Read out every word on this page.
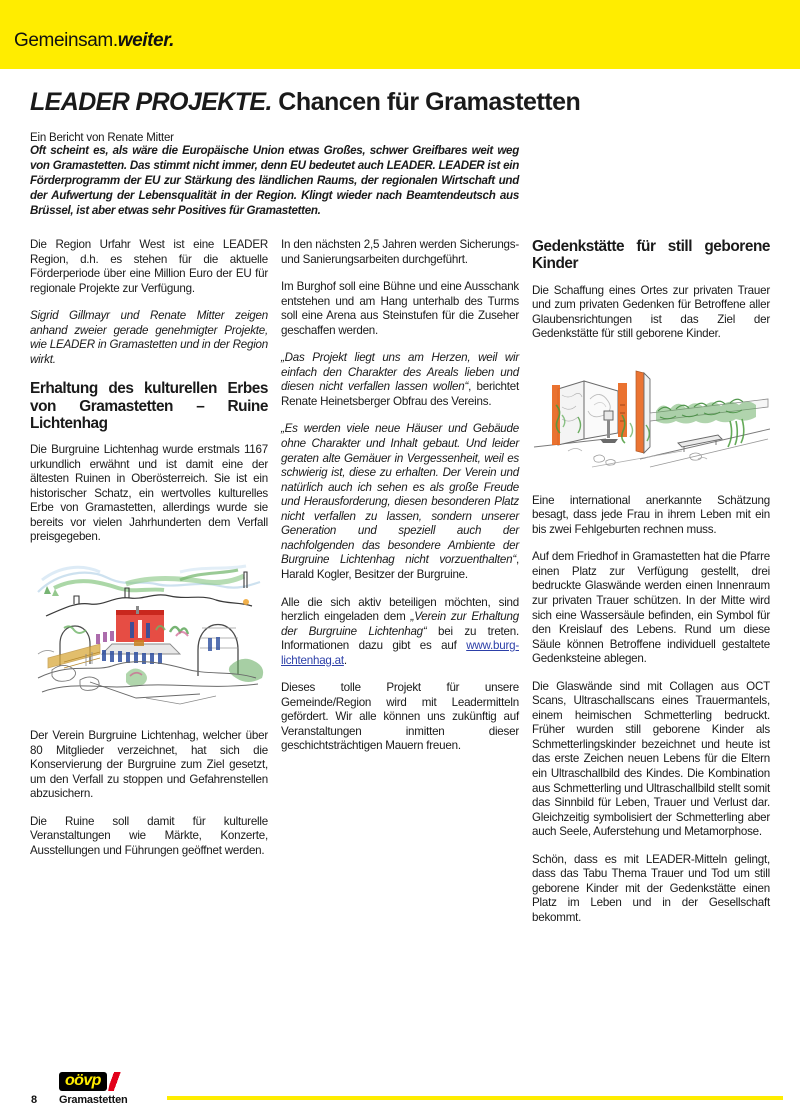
Gemeinsam.weiter.
LEADER PROJEKTE. Chancen für Gramastetten
Ein Bericht von Renate Mitter

Oft scheint es, als wäre die Europäische Union etwas Großes, schwer Greifbares weit weg von Gramastetten. Das stimmt nicht immer, denn EU bedeutet auch LEADER. LEADER ist ein Förderprogramm der EU zur Stärkung des ländlichen Raums, der regionalen Wirtschaft und der Aufwertung der Lebensqualität in der Region. Klingt wieder nach Beamtendeutsch aus Brüssel, ist aber etwas sehr Positives für Gramastetten.

Die Region Urfahr West ist eine LEADER Region, d.h. es stehen für die aktuelle Förderperiode über eine Million Euro der EU für regionale Projekte zur Verfügung.

Sigrid Gillmayr und Renate Mitter zeigen anhand zweier gerade genehmigter Projekte, wie LEADER in Gramastetten und in der Region wirkt.

Erhaltung des kulturellen Erbes von Gramastetten – Ruine Lichtenhag

Die Burgruine Lichtenhag wurde erstmals 1167 urkundlich erwähnt und ist damit eine der ältesten Ruinen in Oberösterreich. Sie ist ein historischer Schatz, ein wertvolles kulturelles Erbe von Gramastetten, allerdings wurde sie bereits vor vielen Jahrhunderten dem Verfall preisgegeben.

Der Verein Burgruine Lichtenhag, welcher über 80 Mitglieder verzeichnet, hat sich die Konservierung der Burgruine zum Ziel gesetzt, um den Verfall zu stoppen und Gefahrenstellen abzusichern.

Die Ruine soll damit für kulturelle Veranstaltungen wie Märkte, Konzerte, Ausstellungen und Führungen geöffnet werden.

In den nächsten 2,5 Jahren werden Sicherungs- und Sanierungsarbeiten durchgeführt.

Im Burghof soll eine Bühne und eine Ausschank entstehen und am Hang unterhalb des Turms soll eine Arena aus Steinstufen für die Zuseher geschaffen werden.

„Das Projekt liegt uns am Herzen, weil wir einfach den Charakter des Areals lieben und diesen nicht verfallen lassen wollen“, berichtet Renate Heinetsberger Obfrau des Vereins.

„Es werden viele neue Häuser und Gebäude ohne Charakter und Inhalt gebaut. Und leider geraten alte Gemäuer in Vergessenheit, weil es schwierig ist, diese zu erhalten. Der Verein und natürlich auch ich sehen es als große Freude und Herausforderung, diesen besonderen Platz nicht verfallen zu lassen, sondern unserer Generation und speziell auch der nachfolgenden das besondere Ambiente der Burgruine Lichtenhag nicht vorzuenthalten“, Harald Kogler, Besitzer der Burgruine.

Alle die sich aktiv beteiligen möchten, sind herzlich eingeladen dem „Verein zur Erhaltung der Burgruine Lichtenhag“ bei zu treten. Informationen dazu gibt es auf www.burg-lichtenhag.at.

Dieses tolle Projekt für unsere Gemeinde/Region wird mit Leadermitteln gefördert. Wir alle können uns zukünftig auf Veranstaltungen inmitten dieser geschichtsträchtigen Mauern freuen.

Gedenkstätte für still geborene Kinder

Die Schaffung eines Ortes zur privaten Trauer und zum privaten Gedenken für Betroffene aller Glaubensrichtungen ist das Ziel der Gedenkstätte für still geborene Kinder.

Eine international anerkannte Schätzung besagt, dass jede Frau in ihrem Leben mit ein bis zwei Fehlgeburten rechnen muss.

Auf dem Friedhof in Gramastetten hat die Pfarre einen Platz zur Verfügung gestellt, drei bedruckte Glaswände werden einen Innenraum zur privaten Trauer schützen. In der Mitte wird sich eine Wassersäule befinden, ein Symbol für den Kreislauf des Lebens. Rund um diese Säule können Betroffene individuell gestaltete Gedenksteine ablegen.

Die Glaswände sind mit Collagen aus OCT Scans, Ultraschallscans eines Trauermantels, einem heimischen Schmetterling bedruckt. Früher wurden still geborene Kinder als Schmetterlingskinder bezeichnet und heute ist das erste Zeichen neuen Lebens für die Eltern ein Ultraschallbild des Kindes. Die Kombination aus Schmetterling und Ultraschallbild stellt somit das Sinnbild für Leben, Trauer und Verlust dar. Gleichzeitig symbolisiert der Schmetterling aber auch Seele, Auferstehung und Metamorphose.

Schön, dass es mit LEADER-Mitteln gelingt, dass das Tabu Thema Trauer und Tod um still geborene Kinder mit der Gedenkstätte einen Platz im Leben und in der Gesellschaft bekommt.

oövp
8 Gramastetten
